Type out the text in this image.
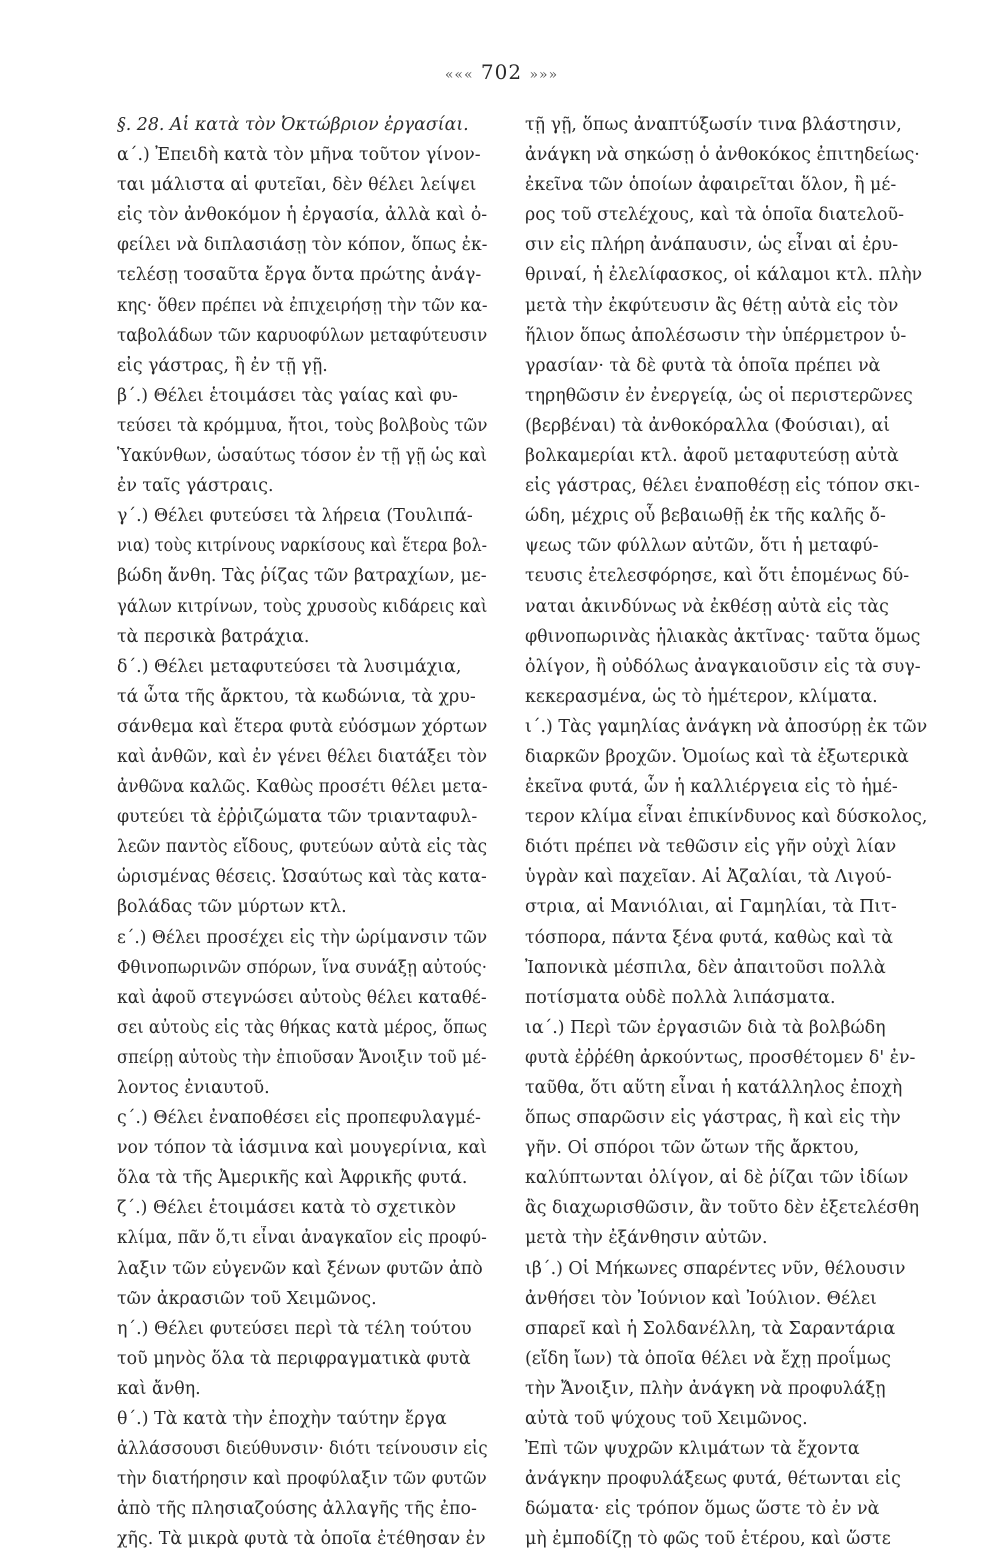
««« 702 »»»
§. 28. Αἱ κατὰ τὸν Ὀκτώβριον ἐργασίαι.
α΄.) Ἐπειδὴ κατὰ τὸν μῆνα τοῦτον γίνον-
ται μάλιστα αἱ φυτεῖαι, δὲν θέλει λείψει
εἰς τὸν ἀνθοκόμον ἡ ἐργασία, ἀλλὰ καὶ ὀ-
φείλει νὰ διπλασιάσῃ τὸν κόπον, ὅπως ἐκ-
τελέσῃ τοσαῦτα ἔργα ὄντα πρώτης ἀνάγ-
κης· ὅθεν πρέπει νὰ ἐπιχειρήσῃ τὴν τῶν κα-
ταβολάδων τῶν καρυοφύλων μεταφύτευσιν
εἰς γάστρας, ἢ ἐν τῇ γῇ.
β΄.) Θέλει ἑτοιμάσει τὰς γαίας καὶ φυ-
τεύσει τὰ κρόμμυα, ἤτοι, τοὺς βολβοὺς τῶν
Ὑακύνθων, ὡσαύτως τόσον ἐν τῇ γῇ ὡς καὶ
ἐν ταῖς γάστραις.
γ΄.) Θέλει φυτεύσει τὰ λήρεια (Τουλιπά-
νια) τοὺς κιτρίνους ναρκίσους καὶ ἕτερα βολ-
βώδη ἄνθη. Τὰς ῥίζας τῶν βατραχίων, με-
γάλων κιτρίνων, τοὺς χρυσοὺς κιδάρεις καὶ
τὰ περσικὰ βατράχια.
δ΄.) Θέλει μεταφυτεύσει τὰ λυσιμάχια,
τά ὦτα τῆς ἄρκτου, τὰ κωδώνια, τὰ χρυ-
σάνθεμα καὶ ἕτερα φυτὰ εὐόσμων χόρτων
καὶ ἀνθῶν, καὶ ἐν γένει θέλει διατάξει τὸν
ἀνθῶνα καλῶς. Καθὼς προσέτι θέλει μετα-
φυτεύει τὰ ἐῤῥιζώματα τῶν τριανταφυλ-
λεῶν παντὸς εἴδους, φυτεύων αὐτὰ εἰς τὰς
ὡρισμένας θέσεις. Ὡσαύτως καὶ τὰς κατα-
βολάδας τῶν μύρτων κτλ.
ε΄.) Θέλει προσέχει εἰς τὴν ὡρίμανσιν τῶν
Φθινοπωρινῶν σπόρων, ἵνα συνάξῃ αὐτούς·
καὶ ἀφοῦ στεγνώσει αὐτοὺς θέλει καταθέ-
σει αὐτοὺς εἰς τὰς θήκας κατὰ μέρος, ὅπως
σπείρῃ αὐτοὺς τὴν ἐπιοῦσαν Ἄνοιξιν τοῦ μέ-
λοντος ἐνιαυτοῦ.
ς΄.) Θέλει ἐναποθέσει εἰς προπεφυλαγμέ-
νον τόπον τὰ ἰάσμινα καὶ μουγερίνια, καὶ
ὅλα τὰ τῆς Ἀμερικῆς καὶ Ἀφρικῆς φυτά.
ζ΄.) Θέλει ἑτοιμάσει κατὰ τὸ σχετικὸν
κλίμα, πᾶν ὅ,τι εἶναι ἀναγκαῖον εἰς προφύ-
λαξιν τῶν εὐγενῶν καὶ ξένων φυτῶν ἀπὸ
τῶν ἀκρασιῶν τοῦ Χειμῶνος.
η΄.) Θέλει φυτεύσει περὶ τὰ τέλη τούτου
τοῦ μηνὸς ὅλα τὰ περιφραγματικὰ φυτὰ
καὶ ἄνθη.
θ΄.) Τὰ κατὰ τὴν ἐποχὴν ταύτην ἔργα
ἀλλάσσουσι διεύθυνσιν· διότι τείνουσιν εἰς
τὴν διατήρησιν καὶ προφύλαξιν τῶν φυτῶν
ἀπὸ τῆς πλησιαζούσης ἀλλαγῆς τῆς ἐπο-
χῆς. Τὰ μικρὰ φυτὰ τὰ ὁποῖα ἐτέθησαν ἐν
τῇ γῇ, ὅπως ἀναπτύξωσίν τινα βλάστησιν,
ἀνάγκη νὰ σηκώσῃ ὁ ἀνθοκόκος ἐπιτηδείως·
ἐκεῖνα τῶν ὁποίων ἀφαιρεῖται ὅλον, ἢ μέ-
ρος τοῦ στελέχους, καὶ τὰ ὁποῖα διατελοῦ-
σιν εἰς πλήρη ἀνάπαυσιν, ὡς εἶναι αἱ ἐρυ-
θριναί, ἡ ἐλελίφασκος, οἱ κάλαμοι κτλ. πλὴν
μετὰ τὴν ἐκφύτευσιν ἂς θέτῃ αὐτὰ εἰς τὸν
ἥλιον ὅπως ἀπολέσωσιν τὴν ὑπέρμετρον ὑ-
γρασίαν· τὰ δὲ φυτὰ τὰ ὁποῖα πρέπει νὰ
τηρηθῶσιν ἐν ἐνεργείᾳ, ὡς οἱ περιστερῶνες
(βερβέναι) τὰ ἀνθοκόραλλα (Φούσιαι), αἱ
βολκαμερίαι κτλ. ἀφοῦ μεταφυτεύσῃ αὐτὰ
εἰς γάστρας, θέλει ἐναποθέσῃ εἰς τόπον σκι-
ώδη, μέχρις οὗ βεβαιωθῇ ἐκ τῆς καλῆς ὄ-
ψεως τῶν φύλλων αὐτῶν, ὅτι ἡ μεταφύ-
τευσις ἐτελεσφόρησε, καὶ ὅτι ἑπομένως δύ-
ναται ἀκινδύνως νὰ ἐκθέσῃ αὐτὰ εἰς τὰς
φθινοπωρινὰς ἡλιακὰς ἀκτῖνας· ταῦτα ὅμως
ὀλίγον, ἢ οὐδόλως ἀναγκαιοῦσιν εἰς τὰ συγ-
κεκερασμένα, ὡς τὸ ἡμέτερον, κλίματα.
ι΄.) Τὰς γαμηλίας ἀνάγκη νὰ ἀποσύρῃ ἐκ τῶν
διαρκῶν βροχῶν. Ὁμοίως καὶ τὰ ἐξωτερικὰ
ἐκεῖνα φυτά, ὧν ἡ καλλιέργεια εἰς τὸ ἡμέ-
τερον κλίμα εἶναι ἐπικίνδυνος καὶ δύσκολος,
διότι πρέπει νὰ τεθῶσιν εἰς γῆν οὐχὶ λίαν
ὑγρὰν καὶ παχεῖαν. Αἱ Ἀζαλίαι, τὰ Λιγού-
στρια, αἱ Μανιόλιαι, αἱ Γαμηλίαι, τὰ Πιτ-
τόσπορα, πάντα ξένα φυτά, καθὼς καὶ τὰ
Ἰαπονικὰ μέσπιλα, δὲν ἀπαιτοῦσι πολλὰ
ποτίσματα οὐδὲ πολλὰ λιπάσματα.
ια΄.) Περὶ τῶν ἐργασιῶν διὰ τὰ βολβώδη
φυτὰ ἐῤῥέθη ἀρκούντως, προσθέτομεν δ' ἐν-
ταῦθα, ὅτι αὕτη εἶναι ἡ κατάλληλος ἐποχὴ
ὅπως σπαρῶσιν εἰς γάστρας, ἢ καὶ εἰς τὴν
γῆν. Οἱ σπόροι τῶν ὤτων τῆς ἄρκτου,
καλύπτωνται ὀλίγον, αἱ δὲ ῥίζαι τῶν ἰδίων
ἂς διαχωρισθῶσιν, ἂν τοῦτο δὲν ἐξετελέσθη
μετὰ τὴν ἐξάνθησιν αὐτῶν.
ιβ΄.) Οἱ Μήκωνες σπαρέντες νῦν, θέλουσιν
ἀνθήσει τὸν Ἰούνιον καὶ Ἰούλιον. Θέλει
σπαρεῖ καὶ ἡ Σολδανέλλη, τὰ Σαραντάρια
(εἴδη ἴων) τὰ ὁποῖα θέλει νὰ ἔχῃ προΐμως
τὴν Ἄνοιξιν, πλὴν ἀνάγκη νὰ προφυλάξῃ
αὐτὰ τοῦ ψύχους τοῦ Χειμῶνος.
Ἐπὶ τῶν ψυχρῶν κλιμάτων τὰ ἔχοντα
ἀνάγκην προφυλάξεως φυτά, θέτωνται εἰς
δώματα· εἰς τρόπον ὅμως ὥστε τὸ ἐν νὰ
μὴ ἐμποδίζῃ τὸ φῶς τοῦ ἑτέρου, καὶ ὥστε
